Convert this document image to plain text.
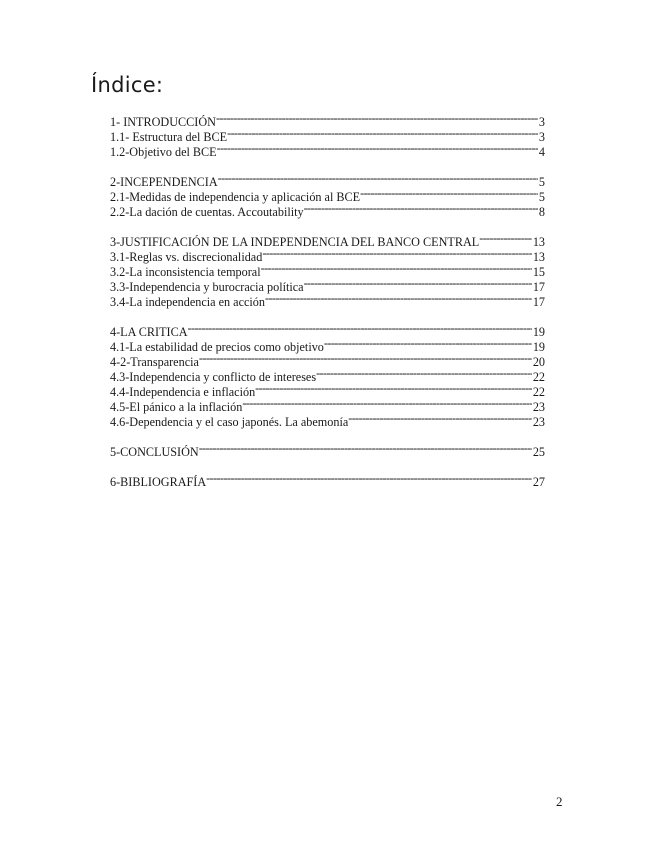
Índice:
1- INTRODUCCIÓN -----	3
1.1- Estructura del BCE -----	3
1.2-Objetivo del BCE -----	4
2-INCEPENDENCIA -----	5
2.1-Medidas de independencia y aplicación al BCE -----	5
2.2-La dación de cuentas. Accoutability -----	8
3-JUSTIFICACIÓN DE LA INDEPENDENCIA DEL BANCO CENTRAL -----	13
3.1-Reglas vs. discrecionalidad -----	13
3.2-La inconsistencia temporal -----	15
3.3-Independencia y burocracia política -----	17
3.4-La independencia en acción -----	17
4-LA CRITICA -----	19
4.1-La estabilidad de precios como objetivo -----	19
4-2-Transparencia -----	20
4.3-Independencia y conflicto de intereses -----	22
4.4-Independencia e inflación -----	22
4.5-El pánico a la inflación -----	23
4.6-Dependencia y el caso japonés. La abemonía -----	23
5-CONCLUSIÓN -----	25
6-BIBLIOGRAFÍA -----	27
2
